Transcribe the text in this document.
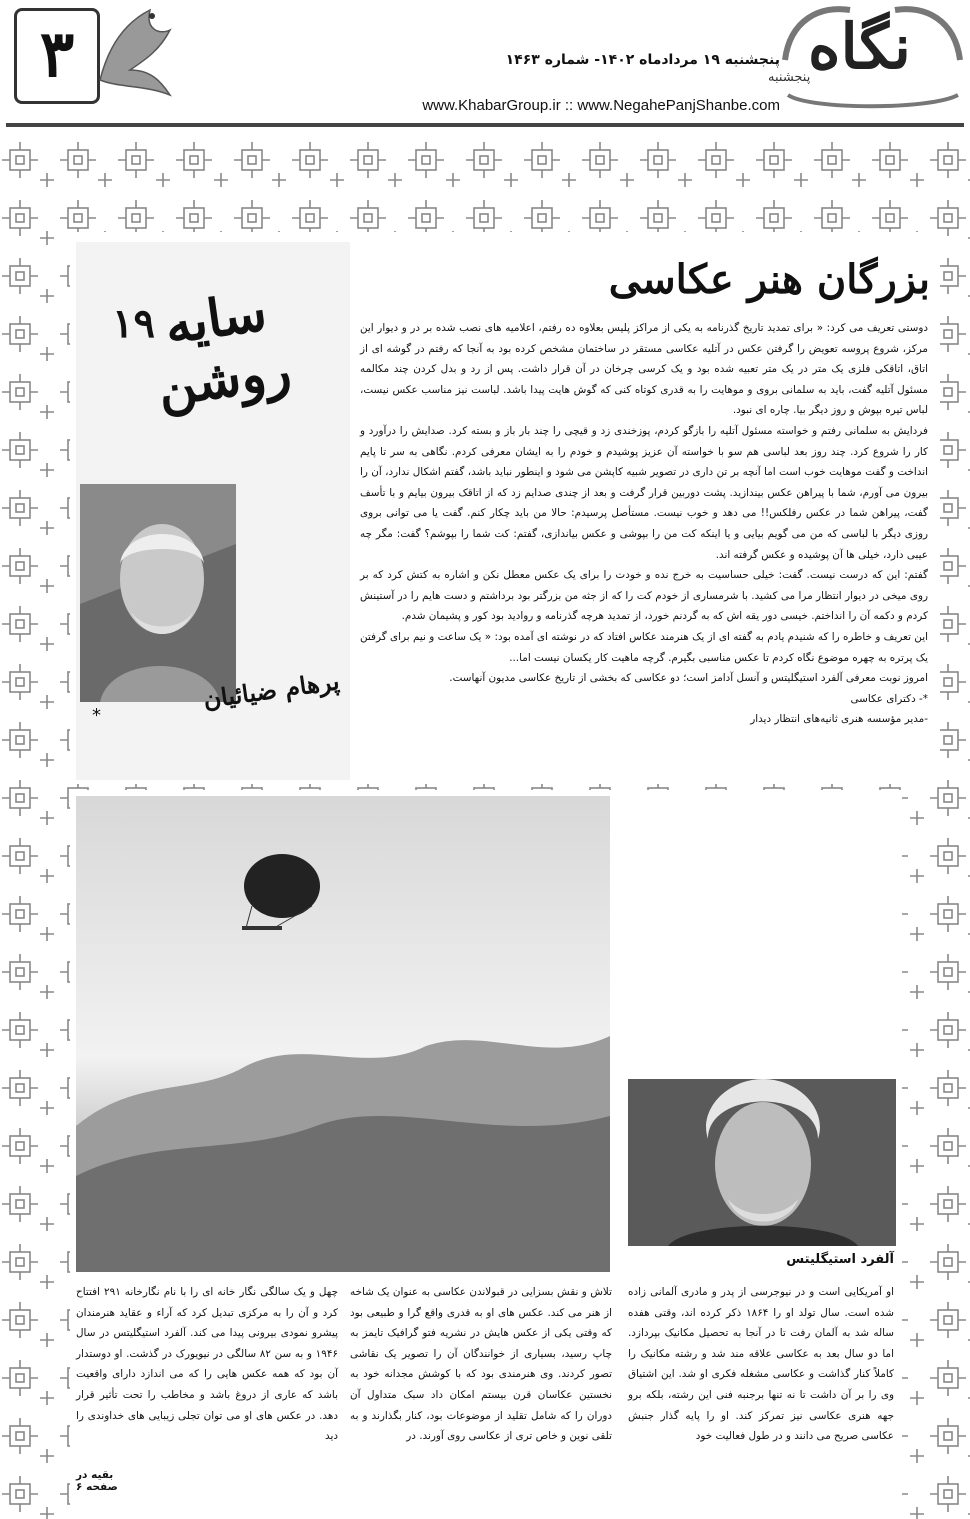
۳	نگاه
پنجشنبه
پنجشنبه ۱۹ مردادماه ۱۴۰۲- شماره ۱۴۶۳
www.KhabarGroup.ir :: www.NegahePanjShanbe.com
بزرگان هنر عکاسی

دوستی تعریف می کرد: « برای تمدید تاریخ گذرنامه به یکی از مراکز پلیس بعلاوه ده رفتم، اعلامیه های نصب شده بر در و دیوار این مرکز، شروع پروسه تعویض را گرفتن عکس در آتلیه عکاسی مستقر در ساختمان مشخص کرده بود به آنجا که رفتم در گوشه ای از اتاق، اتاقکی فلزی یک متر در یک متر تعبیه شده بود و یک کرسی چرخان در آن قرار داشت. پس از رد و بدل کردن چند مکالمه مسئول آتلیه گفت، باید به سلمانی بروی و موهایت را به قدری کوتاه کنی که گوش هایت پیدا باشد. لباست نیز مناسب عکس نیست، لباس تیره بپوش و روز دیگر بیا. چاره ای نبود.

فردایش به سلمانی رفتم و خواسته مسئول آتلیه را بازگو کردم، پوزخندی زد و قیچی را چند بار باز و بسته کرد. صدایش را درآورد و کار را شروع کرد. چند روز بعد لباسی هم سو با خواسته آن عزیز پوشیدم و خودم را به ایشان معرفی کردم. نگاهی به سر تا پایم انداخت و گفت موهایت خوب است اما آنچه بر تن داری در تصویر شبیه کاپشن می شود و اینطور نباید باشد، گفتم اشکال ندارد، آن را بیرون می آورم، شما با پیراهن عکس بیندازید. پشت دوربین قرار گرفت و بعد از چندی صدایم زد که از اتاقک بیرون بیایم و با تأسف گفت، پیراهن شما در عکس رفلکس!! می دهد و خوب نیست. مستأصل پرسیدم: حالا من باید چکار کنم. گفت یا می توانی بروی روزی دیگر با لباسی که من می گویم بیایی و یا اینکه کت من را بپوشی و عکس بیاندازی، گفتم: کت شما را بپوشم؟ گفت: مگر چه عیبی دارد، خیلی ها آن پوشیده و عکس گرفته اند.

گفتم: این که درست نیست. گفت: خیلی حساسیت به خرج نده و خودت را برای یک عکس معطل نکن و اشاره به کتش کرد که بر روی میخی در دیوار انتظار مرا می کشید. با شرمساری از خودم کت را که از جثه من بزرگتر بود برداشتم و دست هایم را در آستینش کردم و دکمه آن را انداختم. خیسی دور یقه اش که به گردنم خورد، از تمدید هرچه گذرنامه و روادید بود کور و پشیمان شدم.

این تعریف و خاطره را که شنیدم یادم به گفته ای از یک هنرمند عکاس افتاد که در نوشته ای آمده بود: « یک ساعت و نیم برای گرفتن یک پرتره به چهره موضوع نگاه کردم تا عکس مناسبی بگیرم. گرچه ماهیت کار یکسان نیست اما...

امروز نوبت معرفی آلفرد استیگلیتس و آنسل آدامز است؛ دو عکاسی که بخشی از تاریخ عکاسی مدیون آنهاست.

*- دکترای عکاسی

-مدیر مؤسسه هنری ثانیه‌های انتظار دیدار

سایه روشن
۱۹
پرهام ضیائیان
*
آلفرد استیگلیتس
او آمریکایی است و در نیوجرسی از پدر و مادری آلمانی زاده شده است. سال تولد او را ۱۸۶۴ ذکر کرده اند، وقتی هفده ساله شد به آلمان رفت تا در آنجا به تحصیل مکانیک بپردازد. اما دو سال بعد به عکاسی علاقه مند شد و رشته مکانیک را کاملاً کنار گذاشت و عکاسی مشغله فکری او شد. این اشتیاق وی را بر آن داشت تا نه تنها برجنبه فنی این رشته، بلکه برو جهه هنری عکاسی نیز تمرکز کند. او را پایه گذار جنبش عکاسی صریح می دانند و در طول فعالیت خود
تلاش و نقش بسزایی در قبولاندن عکاسی به عنوان یک شاخه از هنر می کند. عکس های او به قدری واقع گرا و طبیعی بود که وقتی یکی از عکس هایش در نشریه فتو گرافیک تایمز به چاپ رسید، بسیاری از خوانندگان آن را تصویر یک نقاشی تصور کردند. وی هنرمندی بود که با کوشش مجدانه خود به نخستین عکاسان قرن بیستم امکان داد سبک متداول آن دوران را که شامل تقلید از موضوعات بود، کنار بگذارند و به تلقی نوین و خاص تری از عکاسی روی آورند. در
چهل و یک سالگی نگار خانه ای را با نام نگارخانه ۲۹۱ افتتاح کرد و آن را به مرکزی تبدیل کرد که آراء و عقاید هنرمندان پیشرو نمودی بیرونی پیدا می کند. آلفرد استیگلیتس در سال ۱۹۴۶ و به سن ۸۲ سالگی در نیویورک در گذشت. او دوستدار آن بود که همه عکس هایی را که می اندازد دارای واقعیت باشد که عاری از دروغ باشد و مخاطب را تحت تأثیر قرار دهد. در عکس های او می توان تجلی زیبایی های خداوندی را دید
بقیه در صفحه ۶
